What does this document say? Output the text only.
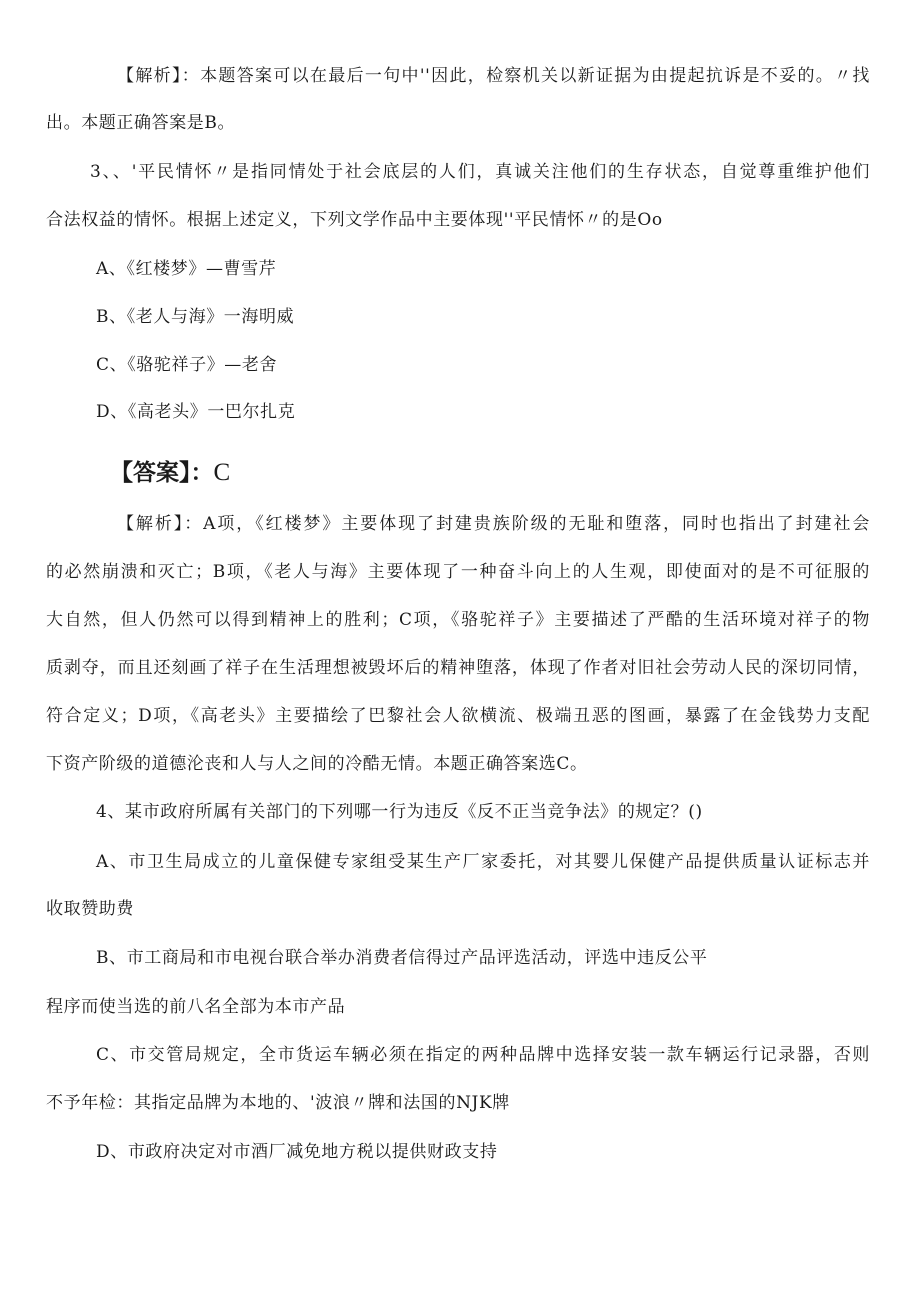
【解析】：本题答案可以在最后一句中''因此，检察机关以新证据为由提起抗诉是不妥的。〃找

出。本题正确答案是B。

3、、'平民情怀〃是指同情处于社会底层的人们，真诚关注他们的生存状态，自觉尊重维护他们

合法权益的情怀。根据上述定义，下列文学作品中主要体现''平民情怀〃的是Oo

A、《红楼梦》—曹雪芹

B、《老人与海》一海明威

C、《骆驼祥子》—老舍

D、《高老头》一巴尔扎克

【答案】：C

【解析】：A项，《红楼梦》主要体现了封建贵族阶级的无耻和堕落，同时也指出了封建社会

的必然崩溃和灭亡；B项，《老人与海》主要体现了一种奋斗向上的人生观，即使面对的是不可征服的

大自然，但人仍然可以得到精神上的胜利；C项，《骆驼祥子》主要描述了严酷的生活环境对祥子的物

质剥夺，而且还刻画了祥子在生活理想被毁坏后的精神堕落，体现了作者对旧社会劳动人民的深切同情，

符合定义；D项，《高老头》主要描绘了巴黎社会人欲横流、极端丑恶的图画，暴露了在金钱势力支配

下资产阶级的道德沦丧和人与人之间的冷酷无情。本题正确答案选C。

4、某市政府所属有关部门的下列哪一行为违反《反不正当竞争法》的规定？()

A、市卫生局成立的儿童保健专家组受某生产厂家委托，对其婴儿保健产品提供质量认证标志并

收取赞助费

B、市工商局和市电视台联合举办消费者信得过产品评选活动，评选中违反公平

程序而使当选的前八名全部为本市产品

C、市交管局规定，全市货运车辆必须在指定的两种品牌中选择安装一款车辆运行记录器，否则

不予年检：其指定品牌为本地的、'波浪〃牌和法国的NJK牌

D、市政府决定对市酒厂减免地方税以提供财政支持
